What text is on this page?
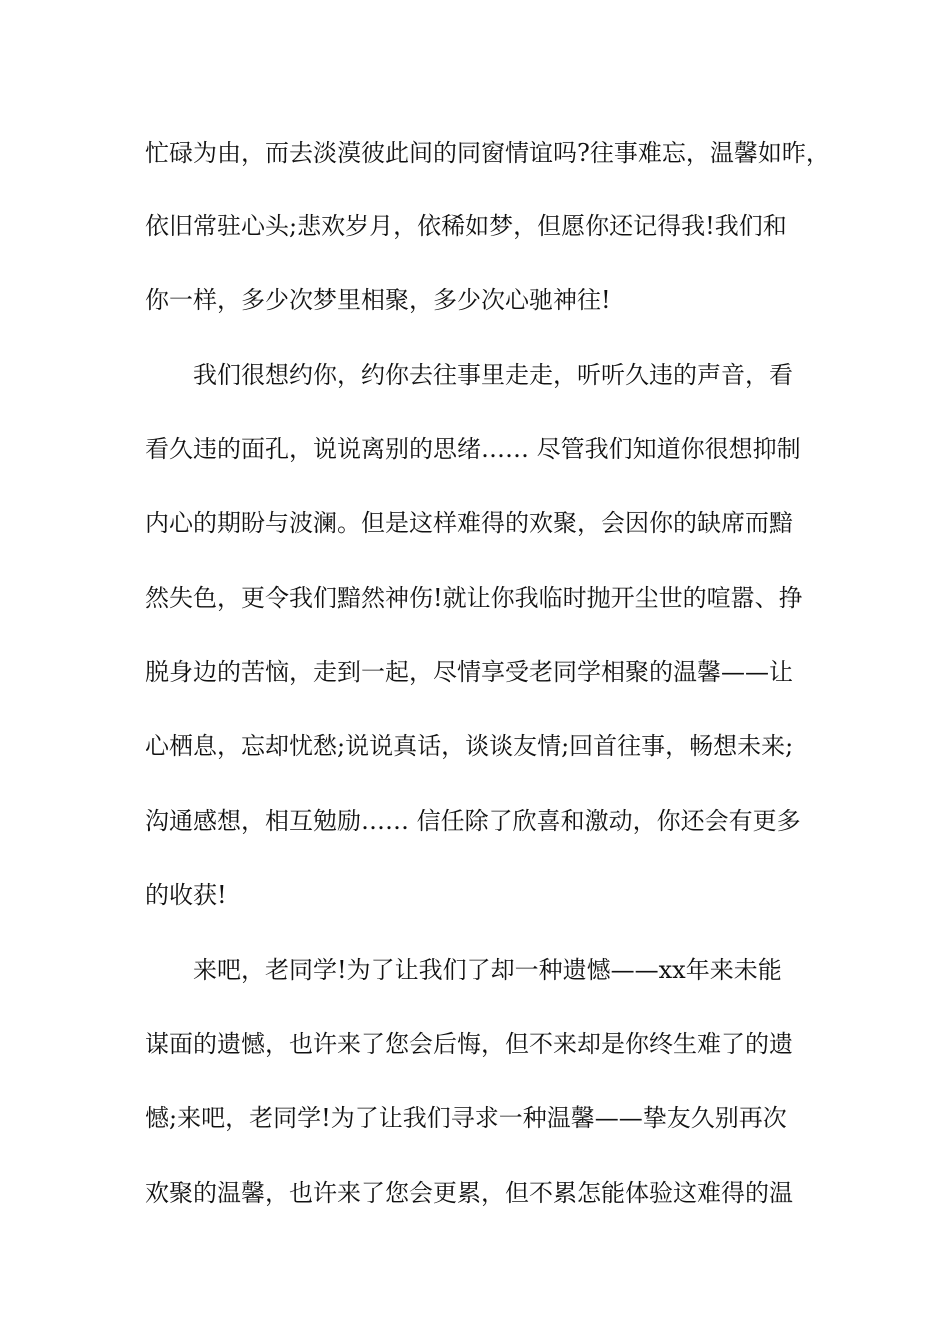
忙碌为由，而去淡漠彼此间的同窗情谊吗?往事难忘，温馨如昨，
依旧常驻心头;悲欢岁月，依稀如梦，但愿你还记得我!我们和
你一样，多少次梦里相聚，多少次心驰神往!
　　我们很想约你，约你去往事里走走，听听久违的声音，看
看久违的面孔，说说离别的思绪…… 尽管我们知道你很想抑制
内心的期盼与波澜。但是这样难得的欢聚，会因你的缺席而黯
然失色，更令我们黯然神伤!就让你我临时抛开尘世的喧嚣、挣
脱身边的苦恼，走到一起，尽情享受老同学相聚的温馨——让
心栖息，忘却忧愁;说说真话，谈谈友情;回首往事，畅想未来;
沟通感想，相互勉励…… 信任除了欣喜和激动，你还会有更多
的收获!
　　来吧，老同学!为了让我们了却一种遗憾——xx年来未能
谋面的遗憾，也许来了您会后悔，但不来却是你终生难了的遗
憾;来吧，老同学!为了让我们寻求一种温馨——挚友久别再次
欢聚的温馨，也许来了您会更累，但不累怎能体验这难得的温
